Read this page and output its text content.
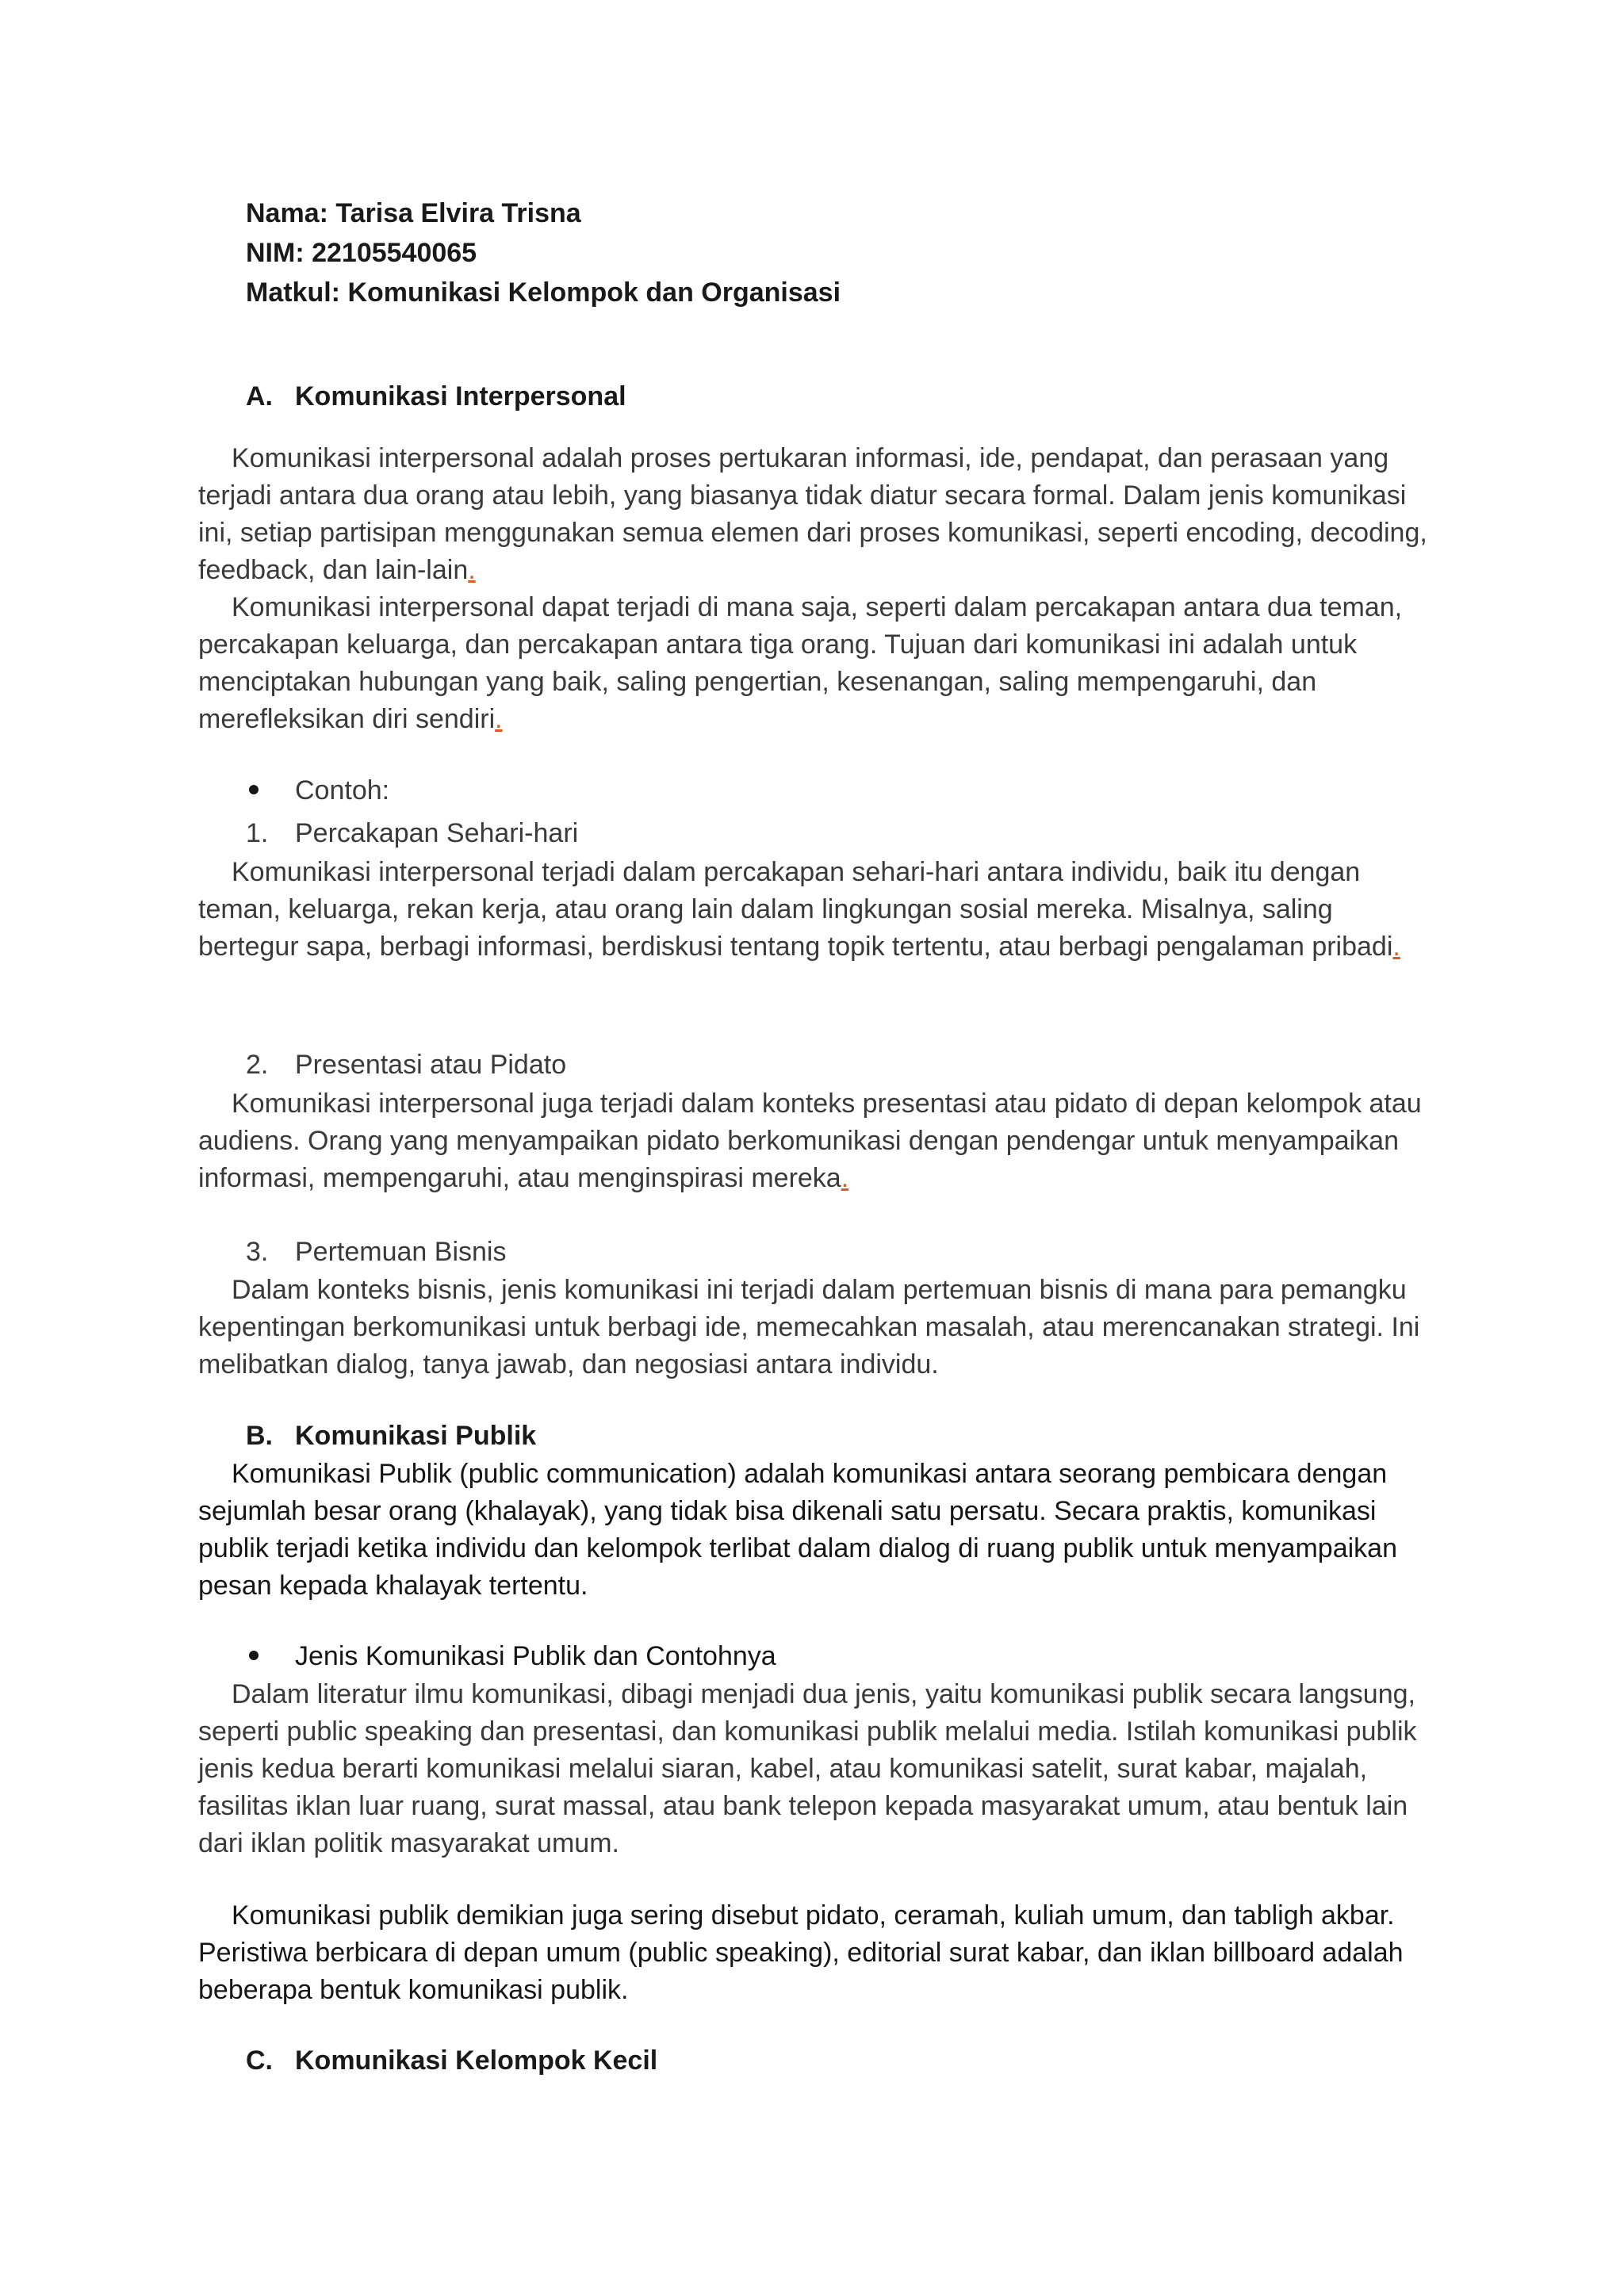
Nama: Tarisa Elvira Trisna
NIM: 22105540065
Matkul: Komunikasi Kelompok dan Organisasi
A. Komunikasi Interpersonal

Komunikasi interpersonal adalah proses pertukaran informasi, ide, pendapat, dan perasaan yang terjadi antara dua orang atau lebih, yang biasanya tidak diatur secara formal. Dalam jenis komunikasi ini, setiap partisipan menggunakan semua elemen dari proses komunikasi, seperti encoding, decoding, feedback, dan lain-lain.

Komunikasi interpersonal dapat terjadi di mana saja, seperti dalam percakapan antara dua teman, percakapan keluarga, dan percakapan antara tiga orang. Tujuan dari komunikasi ini adalah untuk menciptakan hubungan yang baik, saling pengertian, kesenangan, saling mempengaruhi, dan merefleksikan diri sendiri.

Contoh:
1. Percakapan Sehari-hari

Komunikasi interpersonal terjadi dalam percakapan sehari-hari antara individu, baik itu dengan teman, keluarga, rekan kerja, atau orang lain dalam lingkungan sosial mereka. Misalnya, saling bertegur sapa, berbagi informasi, berdiskusi tentang topik tertentu, atau berbagi pengalaman pribadi.

2. Presentasi atau Pidato

Komunikasi interpersonal juga terjadi dalam konteks presentasi atau pidato di depan kelompok atau audiens. Orang yang menyampaikan pidato berkomunikasi dengan pendengar untuk menyampaikan informasi, mempengaruhi, atau menginspirasi mereka.

3. Pertemuan Bisnis

Dalam konteks bisnis, jenis komunikasi ini terjadi dalam pertemuan bisnis di mana para pemangku kepentingan berkomunikasi untuk berbagi ide, memecahkan masalah, atau merencanakan strategi. Ini melibatkan dialog, tanya jawab, dan negosiasi antara individu.

B. Komunikasi Publik

Komunikasi Publik (public communication) adalah komunikasi antara seorang pembicara dengan sejumlah besar orang (khalayak), yang tidak bisa dikenali satu persatu. Secara praktis, komunikasi publik terjadi ketika individu dan kelompok terlibat dalam dialog di ruang publik untuk menyampaikan pesan kepada khalayak tertentu.

Jenis Komunikasi Publik dan Contohnya

Dalam literatur ilmu komunikasi, dibagi menjadi dua jenis, yaitu komunikasi publik secara langsung, seperti public speaking dan presentasi, dan komunikasi publik melalui media. Istilah komunikasi publik jenis kedua berarti komunikasi melalui siaran, kabel, atau komunikasi satelit, surat kabar, majalah, fasilitas iklan luar ruang, surat massal, atau bank telepon kepada masyarakat umum, atau bentuk lain dari iklan politik masyarakat umum.

Komunikasi publik demikian juga sering disebut pidato, ceramah, kuliah umum, dan tabligh akbar. Peristiwa berbicara di depan umum (public speaking), editorial surat kabar, dan iklan billboard adalah beberapa bentuk komunikasi publik.

C. Komunikasi Kelompok Kecil
